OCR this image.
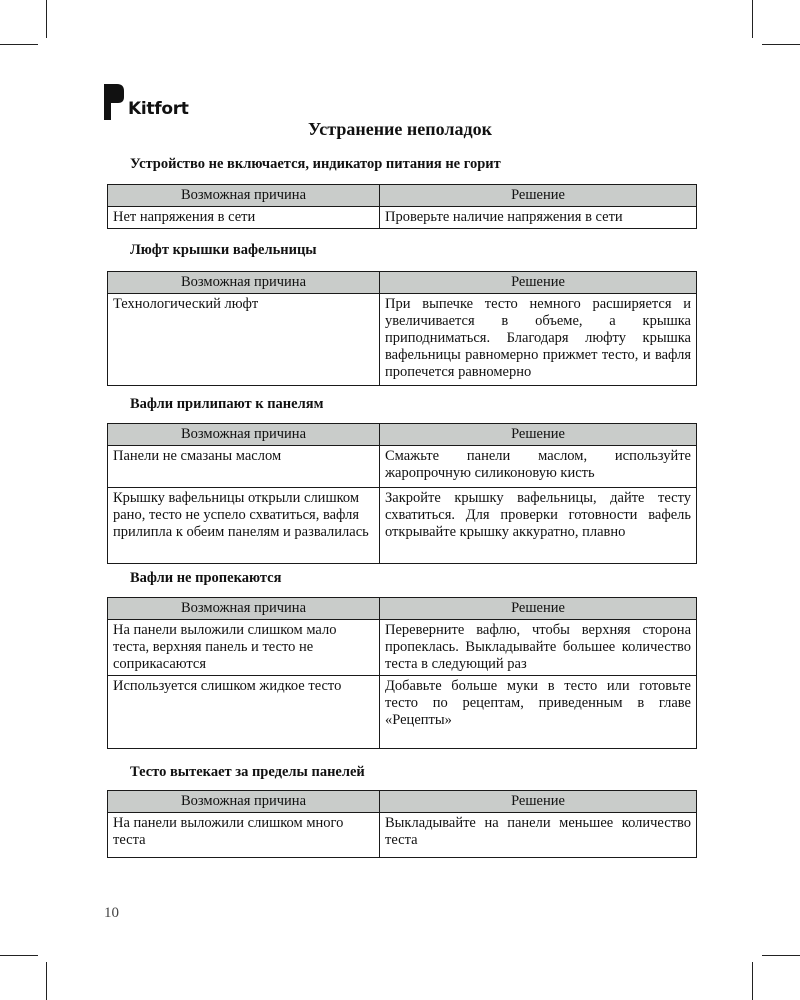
Kitfort
Устранение неполадок
Устройство не включается, индикатор питания не горит
Возможная причина	Решение
Нет напряжения в сети	Проверьте наличие напряжения в сети
Люфт крышки вафельницы
Возможная причина	Решение
Технологический люфт	При выпечке тесто немного расширяется и увеличивается в объеме, а крышка приподниматься. Благодаря люфту крышка вафельницы равномерно прижмет тесто, и вафля пропечется равномерно
Вафли прилипают к панелям
Возможная причина	Решение
Панели не смазаны маслом	Смажьте панели маслом, используйте жаропрочную силиконовую кисть
Крышку вафельницы открыли слишком рано, тесто не успело схватиться, вафля прилипла к обеим панелям и развалилась	Закройте крышку вафельницы, дайте тесту схватиться. Для проверки готовности вафель открывайте крышку аккуратно, плавно
Вафли не пропекаются
Возможная причина	Решение
На панели выложили слишком мало теста, верхняя панель и тесто не соприкасаются	Переверните вафлю, чтобы верхняя сторона пропеклась. Выкладывайте большее количество теста в следующий раз
Используется слишком жидкое тесто	Добавьте больше муки в тесто или готовьте тесто по рецептам, приведенным в главе «Рецепты»
Тесто вытекает за пределы панелей
Возможная причина	Решение
На панели выложили слишком много теста	Выкладывайте на панели меньшее количество теста
10
